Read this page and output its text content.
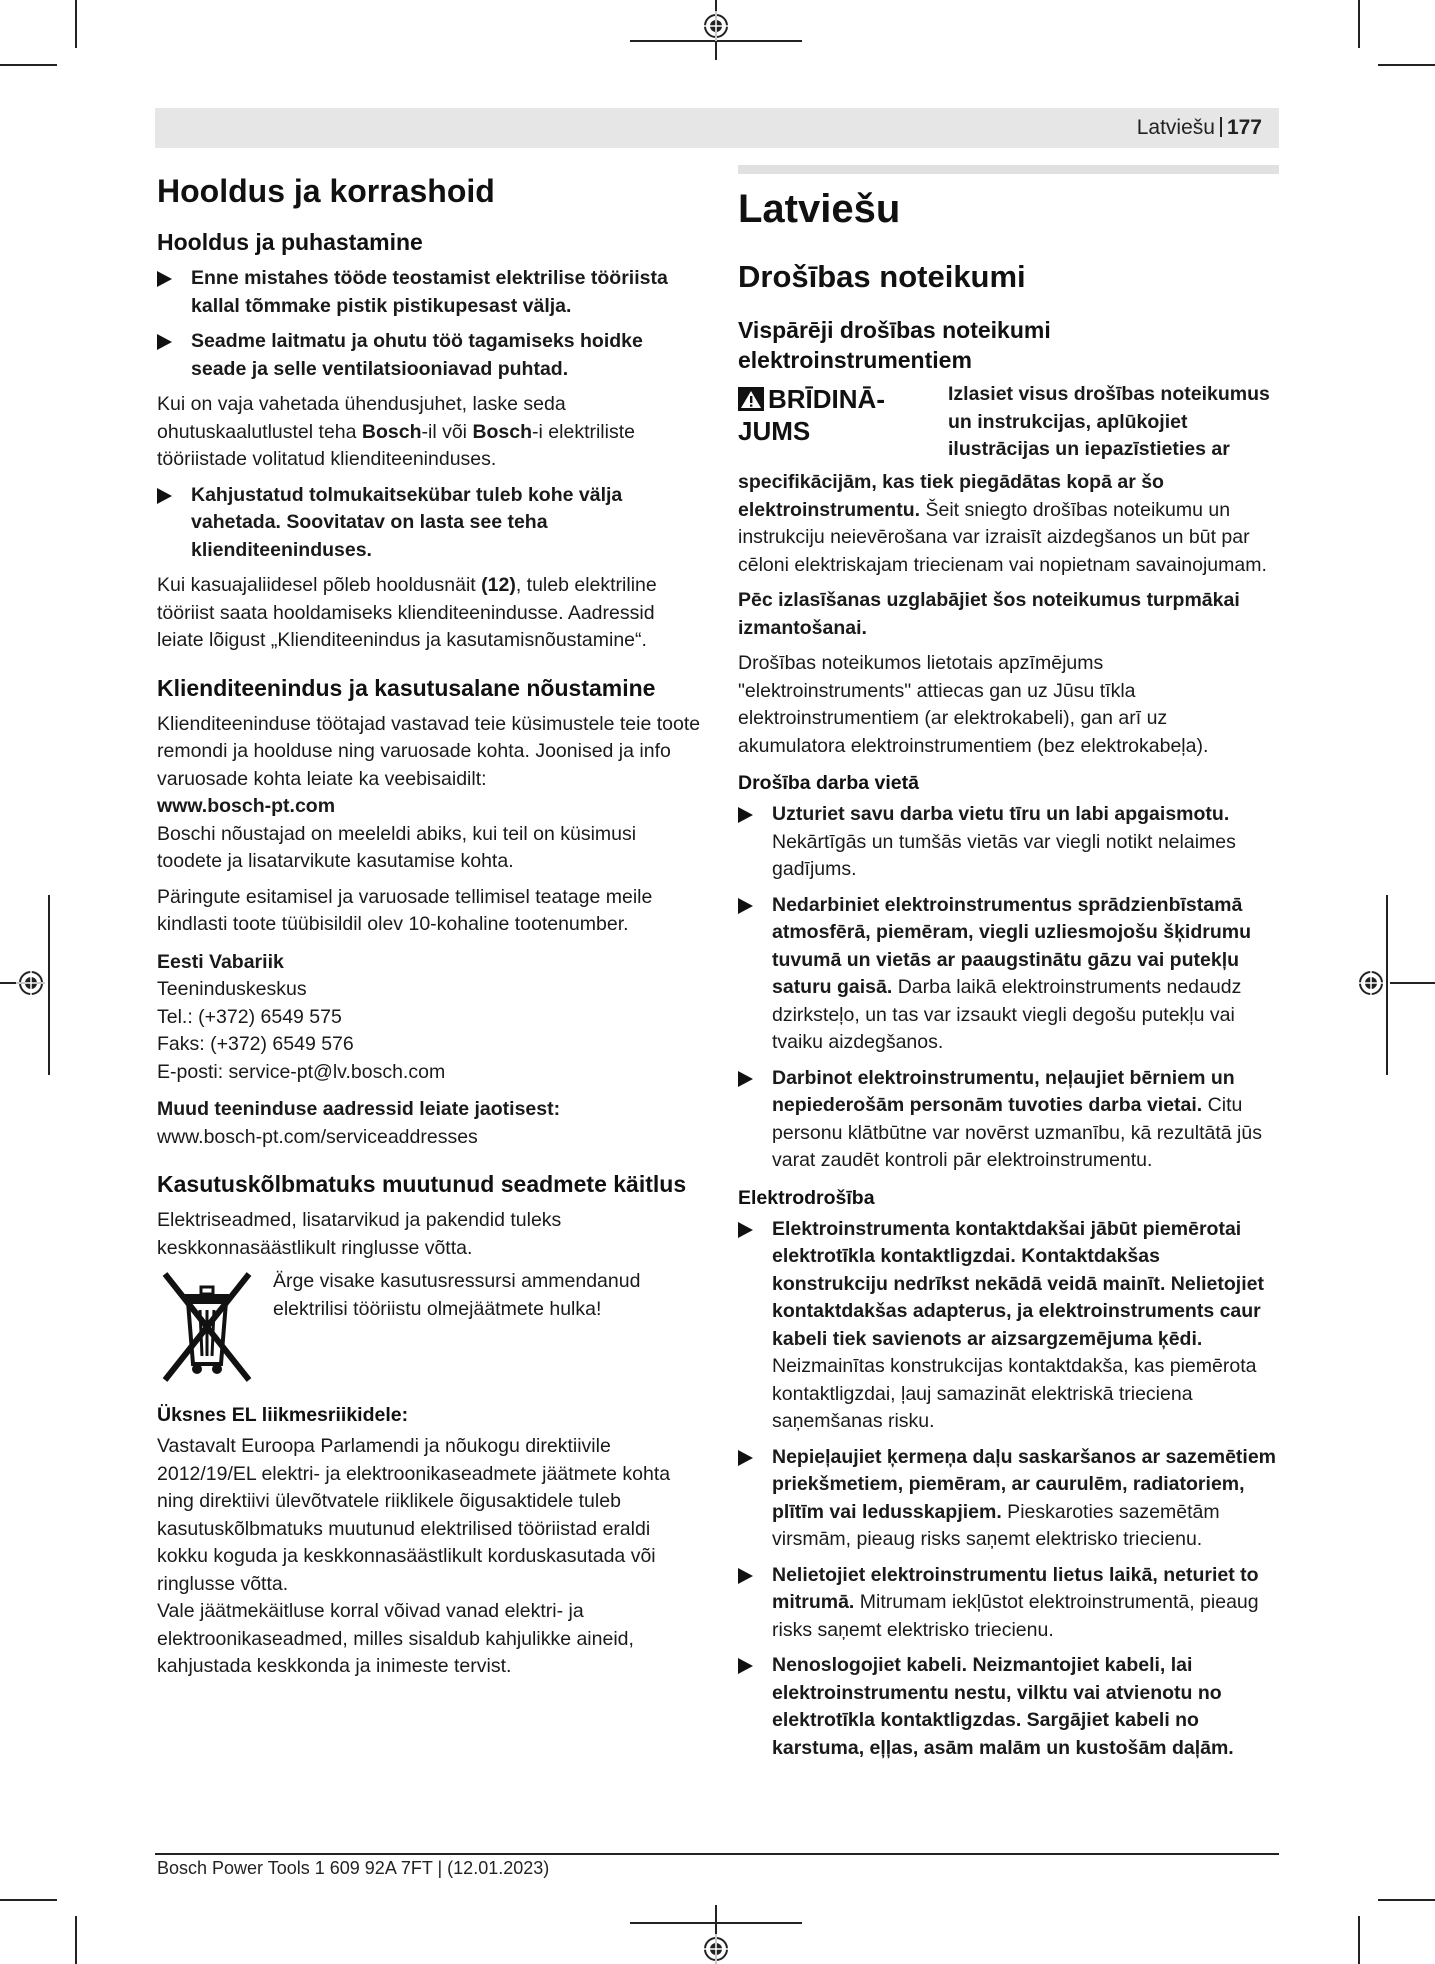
Latviešu 177
Hooldus ja korrashoid
Hooldus ja puhastamine
Enne mistahes tööde teostamist elektrilise tööriista kallal tõmmake pistik pistikupesast välja.
Seadme laitmatu ja ohutu töö tagamiseks hoidke seade ja selle ventilatsiooniavad puhtad.

Kui on vaja vahetada ühendusjuhet, laske seda ohutuskaalutlustel teha Bosch-il või Bosch-i elektriliste tööriistade volitatud klienditeeninduses.

Kahjustatud tolmukaitsekübar tuleb kohe välja vahetada. Soovitatav on lasta see teha klienditeeninduses.

Kui kasuajaliidesel põleb hooldusnäit (12), tuleb elektriline tööriist saata hooldamiseks klienditeenindusse. Aadressid leiate lõigust „Klienditeenindus ja kasutamisnõustamine“.

Klienditeenindus ja kasutusalane nõustamine

Klienditeeninduse töötajad vastavad teie küsimustele teie toote remondi ja hoolduse ning varuosade kohta. Joonised ja info varuosade kohta leiate ka veebisaidilt:

www.bosch-pt.com

Boschi nõustajad on meeleldi abiks, kui teil on küsimusi toodete ja lisatarvikute kasutamise kohta.

Päringute esitamisel ja varuosade tellimisel teatage meile kindlasti toote tüübisildil olev 10-kohaline tootenumber.

Eesti Vabariik
Teeninduskeskus
Tel.: (+372) 6549 575
Faks: (+372) 6549 576
E-posti: service-pt@lv.bosch.com

Muud teeninduse aadressid leiate jaotisest:

www.bosch-pt.com/serviceaddresses

Kasutuskõlbmatuks muutunud seadmete käitlus

Elektriseadmed, lisatarvikud ja pakendid tuleks keskkonnasäästlikult ringlusse võtta.

Ärge visake kasutusressursi ammendanud elektrilisi tööriistu olmejäätmete hulka!
Üksnes EL liikmesriikidele:

Vastavalt Euroopa Parlamendi ja nõukogu direktiivile 2012/19/EL elektri- ja elektroonikaseadmete jäätmete kohta ning direktiivi ülevõtvatele riiklikele õigusaktidele tuleb kasutuskõlbmatuks muutunud elektrilised tööriistad eraldi kokku koguda ja keskkonnasäästlikult korduskasutada või ringlusse võtta.

Vale jäätmekäitluse korral võivad vanad elektri- ja elektroonikaseadmed, milles sisaldub kahjulikke aineid, kahjustada keskkonda ja inimeste tervist.

Latviešu
Drošības noteikumi
Vispārēji drošības noteikumi elektroinstrumentiem
BRĪDINĀ-
JUMS
Izlasiet visus drošības noteikumus un instrukcijas, aplūkojiet ilustrācijas un iepazīstieties ar

specifikācijām, kas tiek piegādātas kopā ar šo elektroinstrumentu. Šeit sniegto drošības noteikumu un instrukciju neievērošana var izraisīt aizdegšanos un būt par cēloni elektriskajam triecienam vai nopietnam savainojumam.

Pēc izlasīšanas uzglabājiet šos noteikumus turpmākai izmantošanai.

Drošības noteikumos lietotais apzīmējums "elektroinstruments" attiecas gan uz Jūsu tīkla elektroinstrumentiem (ar elektrokabeli), gan arī uz akumulatora elektroinstrumentiem (bez elektrokabeļa).

Drošība darba vietā
Uzturiet savu darba vietu tīru un labi apgaismotu. Nekārtīgās un tumšās vietās var viegli notikt nelaimes gadījums.
Nedarbiniet elektroinstrumentus sprādzienbīstamā atmosfērā, piemēram, viegli uzliesmojošu šķidrumu tuvumā un vietās ar paaugstinātu gāzu vai putekļu saturu gaisā. Darba laikā elektroinstruments nedaudz dzirksteļo, un tas var izsaukt viegli degošu putekļu vai tvaiku aizdegšanos.
Darbinot elektroinstrumentu, neļaujiet bērniem un nepiederošām personām tuvoties darba vietai. Citu personu klātbūtne var novērst uzmanību, kā rezultātā jūs varat zaudēt kontroli pār elektroinstrumentu.
Elektrodrošība
Elektroinstrumenta kontaktdakšai jābūt piemērotai elektrotīkla kontaktligzdai. Kontaktdakšas konstrukciju nedrīkst nekādā veidā mainīt. Nelietojiet kontaktdakšas adapterus, ja elektroinstruments caur kabeli tiek savienots ar aizsargzemējuma ķēdi. Neizmainītas konstrukcijas kontaktdakša, kas piemērota kontaktligzdai, ļauj samazināt elektriskā trieciena saņemšanas risku.
Nepieļaujiet ķermeņa daļu saskaršanos ar sazemētiem priekšmetiem, piemēram, ar caurulēm, radiatoriem, plītīm vai ledusskapjiem. Pieskaroties sazemētām virsmām, pieaug risks saņemt elektrisko triecienu.
Nelietojiet elektroinstrumentu lietus laikā, neturiet to mitrumā. Mitrumam iekļūstot elektroinstrumentā, pieaug risks saņemt elektrisko triecienu.
Nenoslogojiet kabeli. Neizmantojiet kabeli, lai elektroinstrumentu nestu, vilktu vai atvienotu no elektrotīkla kontaktligzdas. Sargājiet kabeli no karstuma, eļļas, asām malām un kustošām daļām.
Bosch Power Tools 1 609 92A 7FT | (12.01.2023)
